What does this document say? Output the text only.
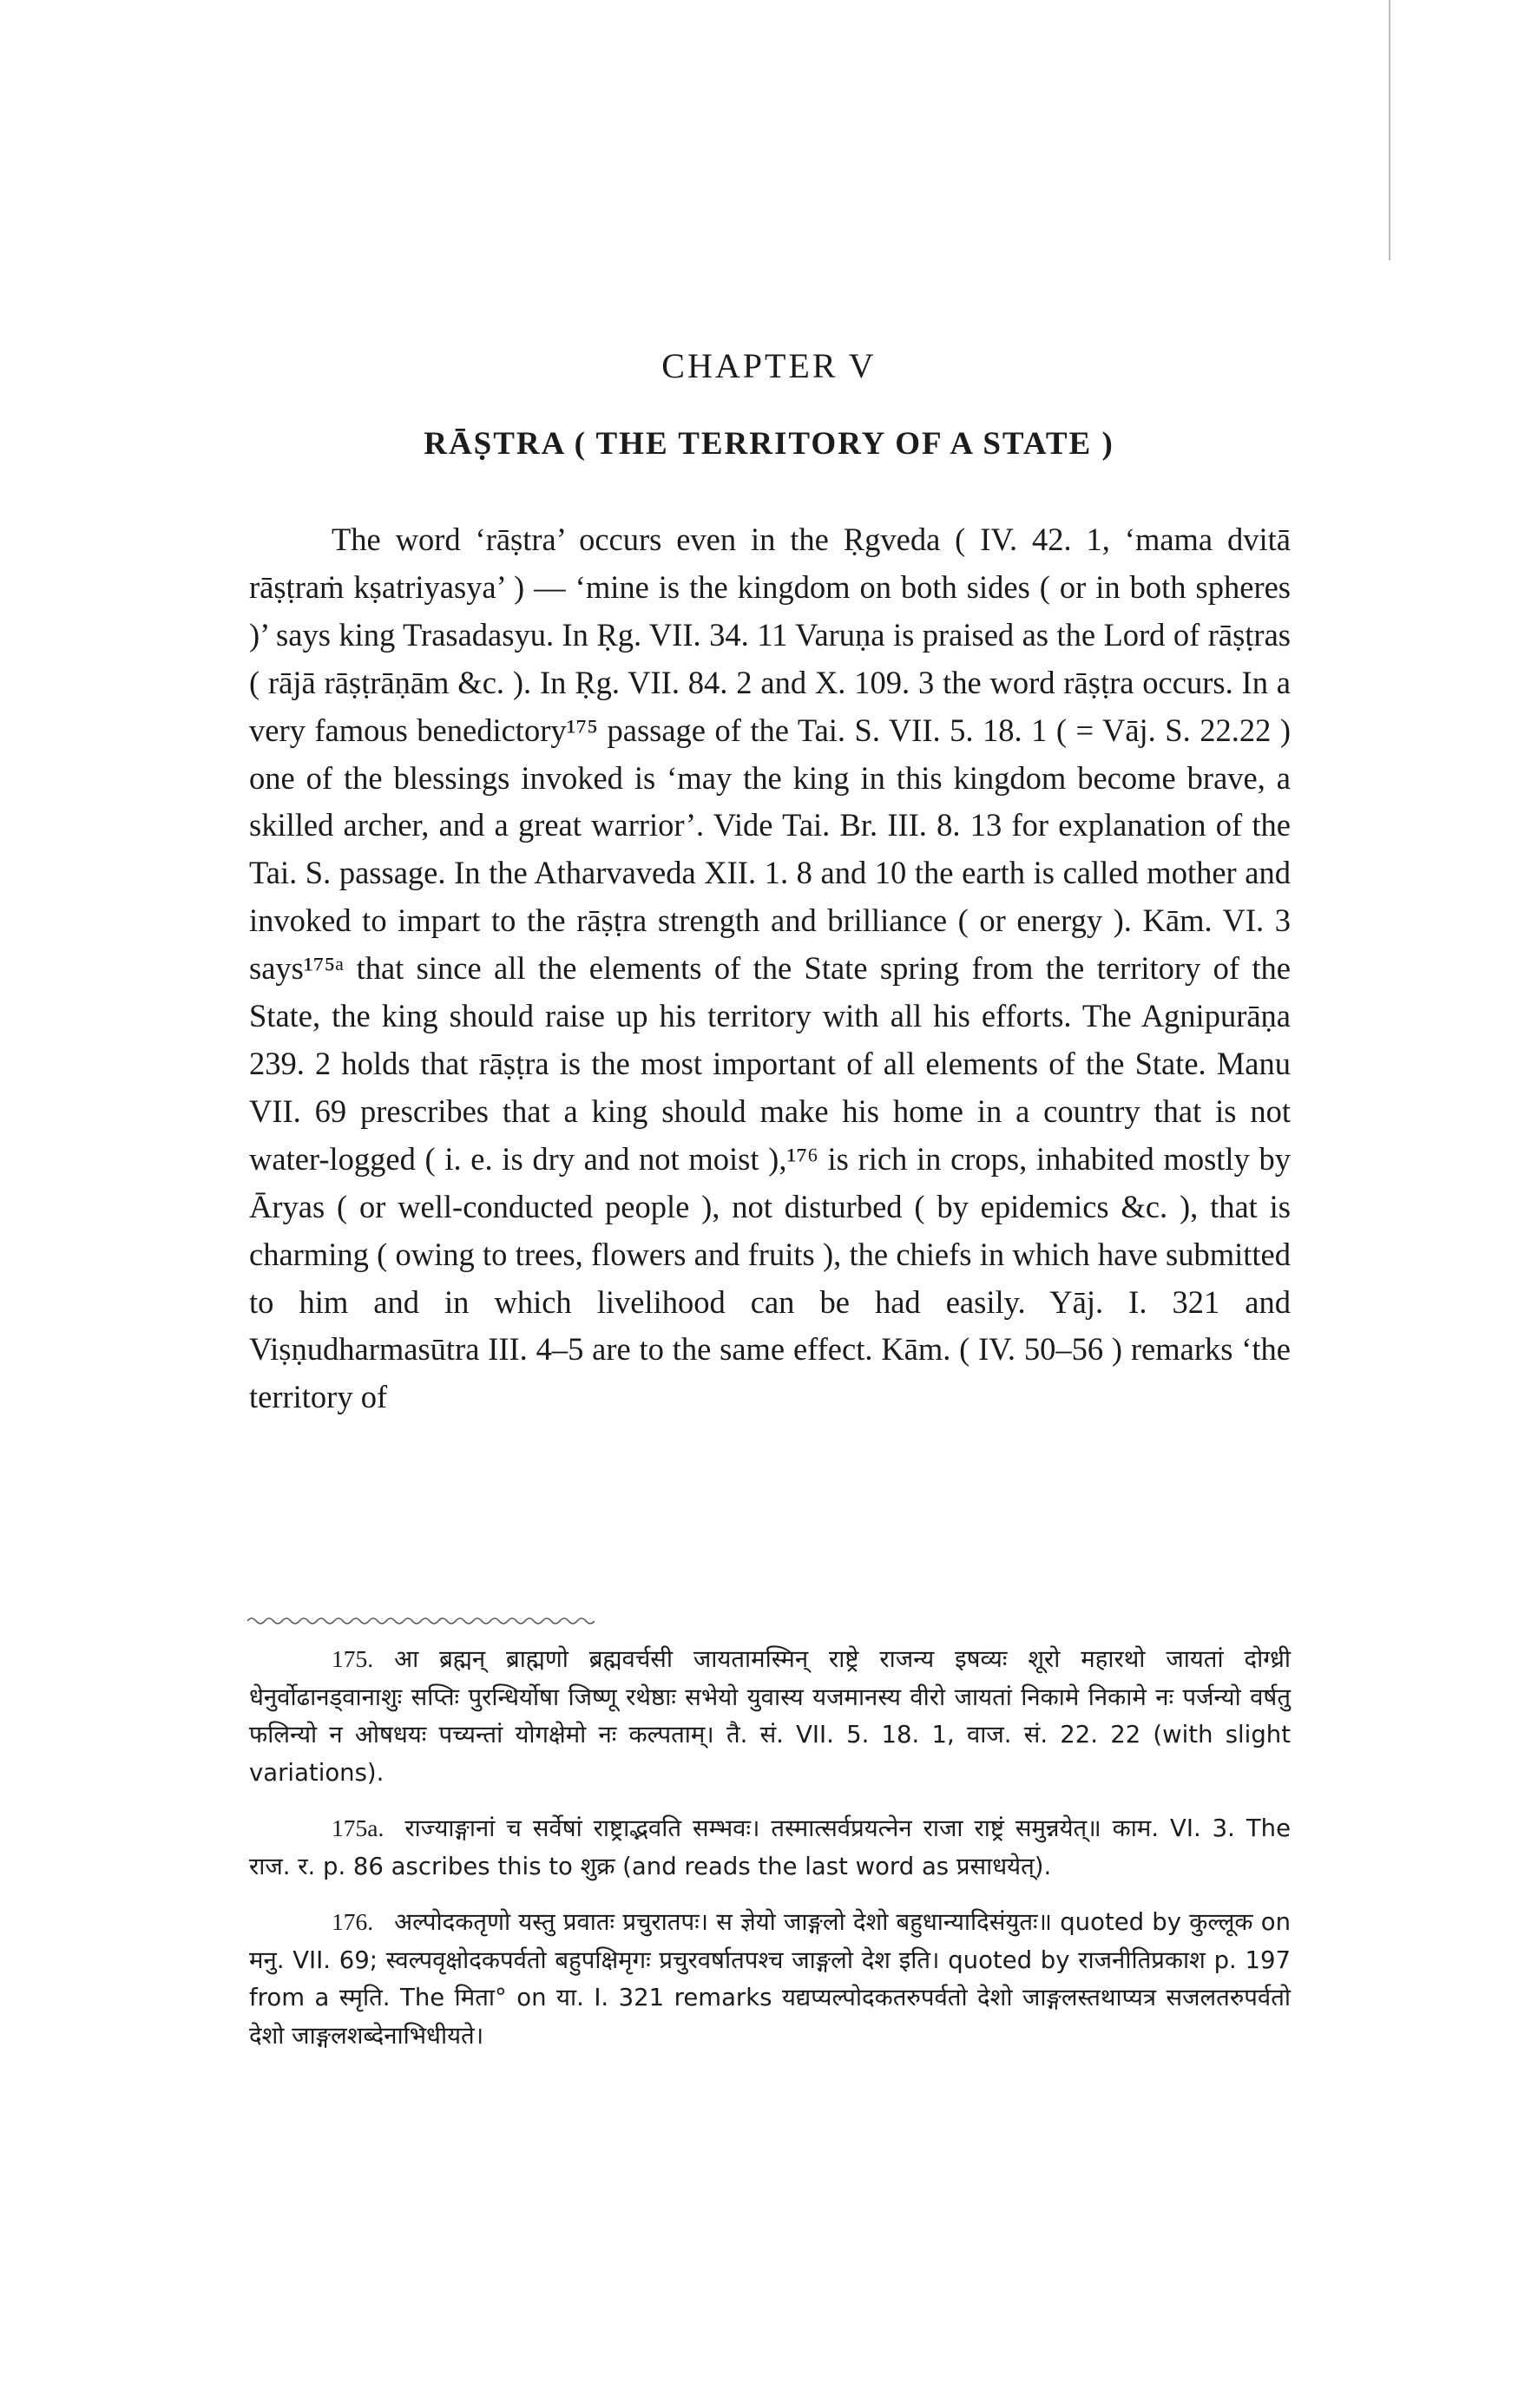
CHAPTER V
RĀṢTRA ( THE TERRITORY OF A STATE )

The word ‘rāṣtra’ occurs even in the Ṛgveda ( IV. 42. 1, ‘mama dvitā rāṣṭraṁ kṣatriyasya’ ) — ‘mine is the kingdom on both sides ( or in both spheres )’ says king Trasadasyu. In Ṛg. VII. 34. 11 Varuṇa is praised as the Lord of rāṣṭras ( rājā rāṣṭrāṇām &c. ). In Ṛg. VII. 84. 2 and X. 109. 3 the word rāṣṭra occurs. In a very famous benedictory¹⁷⁵ passage of the Tai. S. VII. 5. 18. 1 ( = Vāj. S. 22.22 ) one of the blessings invoked is ‘may the king in this kingdom become brave, a skilled archer, and a great warrior’. Vide Tai. Br. III. 8. 13 for explanation of the Tai. S. passage. In the Atharvaveda XII. 1. 8 and 10 the earth is called mother and invoked to impart to the rāṣṭra strength and brilliance ( or energy ). Kām. VI. 3 says¹⁷⁵ᵃ that since all the elements of the State spring from the territory of the State, the king should raise up his territory with all his efforts. The Agnipurāṇa 239. 2 holds that rāṣṭra is the most important of all elements of the State. Manu VII. 69 prescribes that a king should make his home in a country that is not water-logged ( i. e. is dry and not moist ),¹⁷⁶ is rich in crops, inhabited mostly by Āryas ( or well-conducted people ), not disturbed ( by epidemics &c. ), that is charming ( owing to trees, flowers and fruits ), the chiefs in which have submitted to him and in which livelihood can be had easily. Yāj. I. 321 and Viṣṇudharmasūtra III. 4–5 are to the same effect. Kām. ( IV. 50–56 ) remarks ‘the territory of

175. आ ब्रह्मन् ब्राह्मणो ब्रह्मवर्चसी जायतामस्मिन् राष्ट्रे राजन्य इषव्यः शूरो महारथो जायतां दोग्ध्री धेनुर्वोढानड्वानाशुः सप्तिः पुरन्धिर्योषा जिष्णू रथेष्ठाः सभेयो युवास्य यजमानस्य वीरो जायतां निकामे निकामे नः पर्जन्यो वर्षतु फलिन्यो न ओषधयः पच्यन्तां योगक्षेमो नः कल्पताम्। तै. सं. VII. 5. 18. 1, वाज. सं. 22. 22 (with slight variations).

175a. राज्याङ्गानां च सर्वेषां राष्ट्राद्भवति सम्भवः। तस्मात्सर्वप्रयत्नेन राजा राष्ट्रं समुन्नयेत्॥ काम. VI. 3. The राज. र. p. 86 ascribes this to शुक्र (and reads the last word as प्रसाधयेत्).

176. अल्पोदकतृणो यस्तु प्रवातः प्रचुरातपः। स ज्ञेयो जाङ्गलो देशो बहुधान्यादिसंयुतः॥ quoted by कुल्लूक on मनु. VII. 69; स्वल्पवृक्षोदकपर्वतो बहुपक्षिमृगः प्रचुरवर्षातपश्च जाङ्गलो देश इति। quoted by राजनीतिप्रकाश p. 197 from a स्मृति. The मिता° on या. I. 321 remarks यद्यप्यल्पोदकतरुपर्वतो देशो जाङ्गलस्तथाप्यत्र सजलतरुपर्वतो देशो जाङ्गलशब्देनाभिधीयते।
